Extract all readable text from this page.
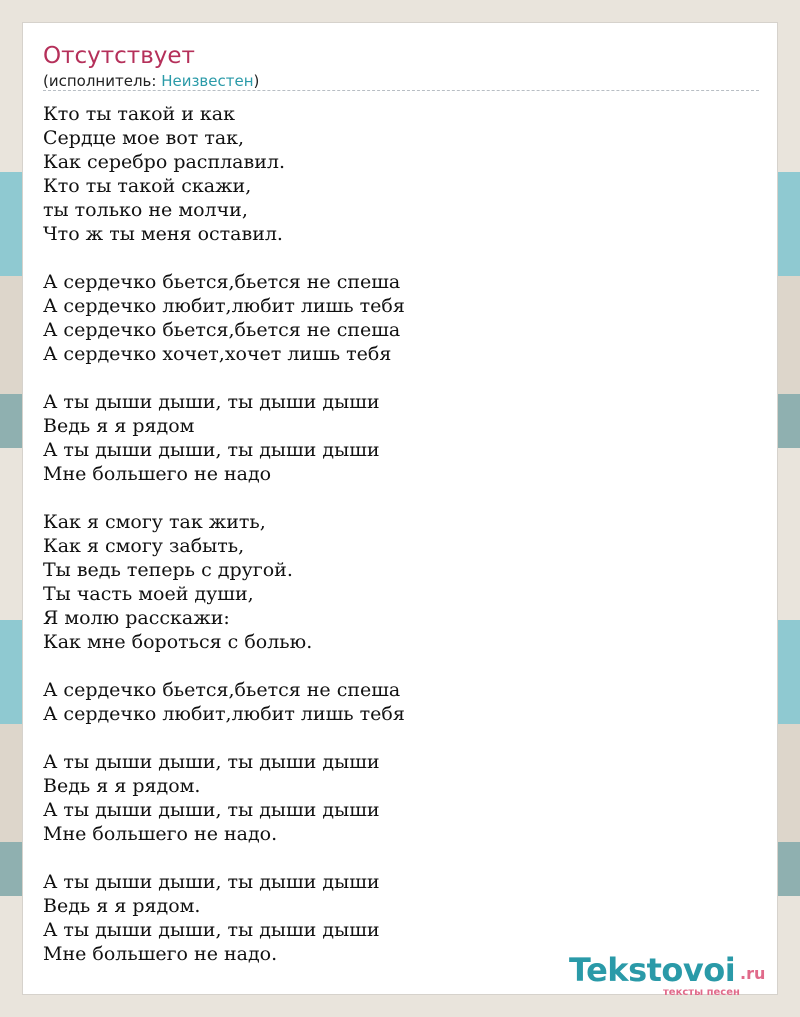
Отсутствует
(исполнитель: Неизвестен)
Кто ты такой и как
Сердце мое вот так,
Как серебро расплавил.
Кто ты такой скажи,
ты только не молчи,
Что ж ты меня оставил.
А сердечко бьется,бьется не спеша
А сердечко любит,любит лишь тебя
А сердечко бьется,бьется не спеша
А сердечко хочет,хочет лишь тебя
А ты дыши дыши, ты дыши дыши
Ведь я я рядом
А ты дыши дыши, ты дыши дыши
Мне большего не надо
Как я смогу так жить,
Как я смогу забыть,
Ты ведь теперь с другой.
Ты часть моей души,
Я молю расскажи:
Как мне бороться с болью.
А сердечко бьется,бьется не спеша
А сердечко любит,любит лишь тебя
А ты дыши дыши, ты дыши дыши
Ведь я я рядом.
А ты дыши дыши, ты дыши дыши
Мне большего не надо.
А ты дыши дыши, ты дыши дыши
Ведь я я рядом.
А ты дыши дыши, ты дыши дыши
Мне большего не надо.	Tekstovoi .ru
тексты песен
